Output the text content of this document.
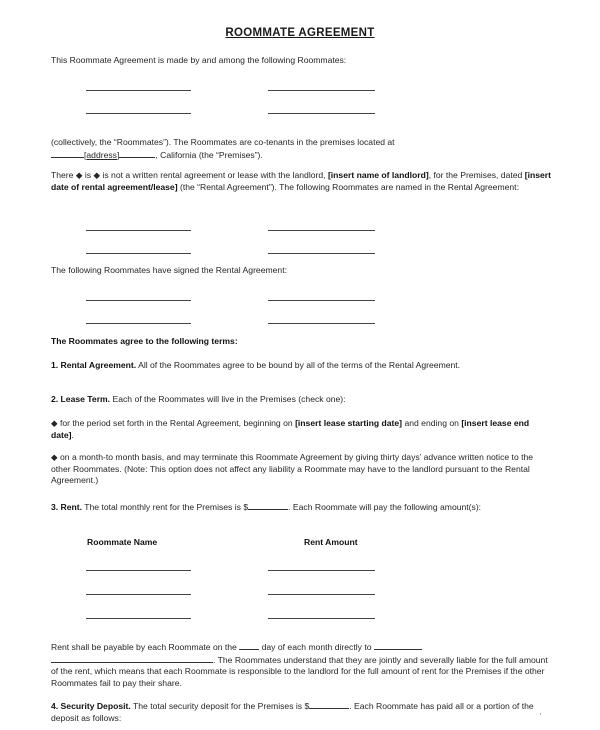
ROOMMATE AGREEMENT
This Roommate Agreement is made by and among the following Roommates:
(collectively, the “Roommates”). The Roommates are co-tenants in the premises located at
[address]	, California (the “Premises”).
There ◆ is ◆ is not a written rental agreement or lease with the landlord, [insert name of landlord], for the Premises, dated [insert date of rental agreement/lease] (the “Rental Agreement”). The following Roommates are named in the Rental Agreement:
The following Roommates have signed the Rental Agreement:
The Roommates agree to the following terms:
1. Rental Agreement. All of the Roommates agree to be bound by all of the terms of the Rental Agreement.
2. Lease Term. Each of the Roommates will live in the Premises (check one):
◆ for the period set forth in the Rental Agreement, beginning on [insert lease starting date] and ending on [insert lease end date].
◆ on a month-to month basis, and may terminate this Roommate Agreement by giving thirty days’ advance written notice to the other Roommates. (Note: This option does not affect any liability a Roommate may have to the landlord pursuant to the Rental Agreement.)
3. Rent. The total monthly rent for the Premises is $	. Each Roommate will pay the following amount(s):
Roommate Name	Rent Amount
Rent shall be payable by each Roommate on the	day of each month directly to
. The Roommates understand that they are jointly and severally liable for the full amount of the rent, which means that each Roommate is responsible to the landlord for the full amount of rent for the Premises if the other Roommates fail to pay their share.
4. Security Deposit. The total security deposit for the Premises is $	. Each Roommate has paid all or a portion of the deposit as follows:	′
